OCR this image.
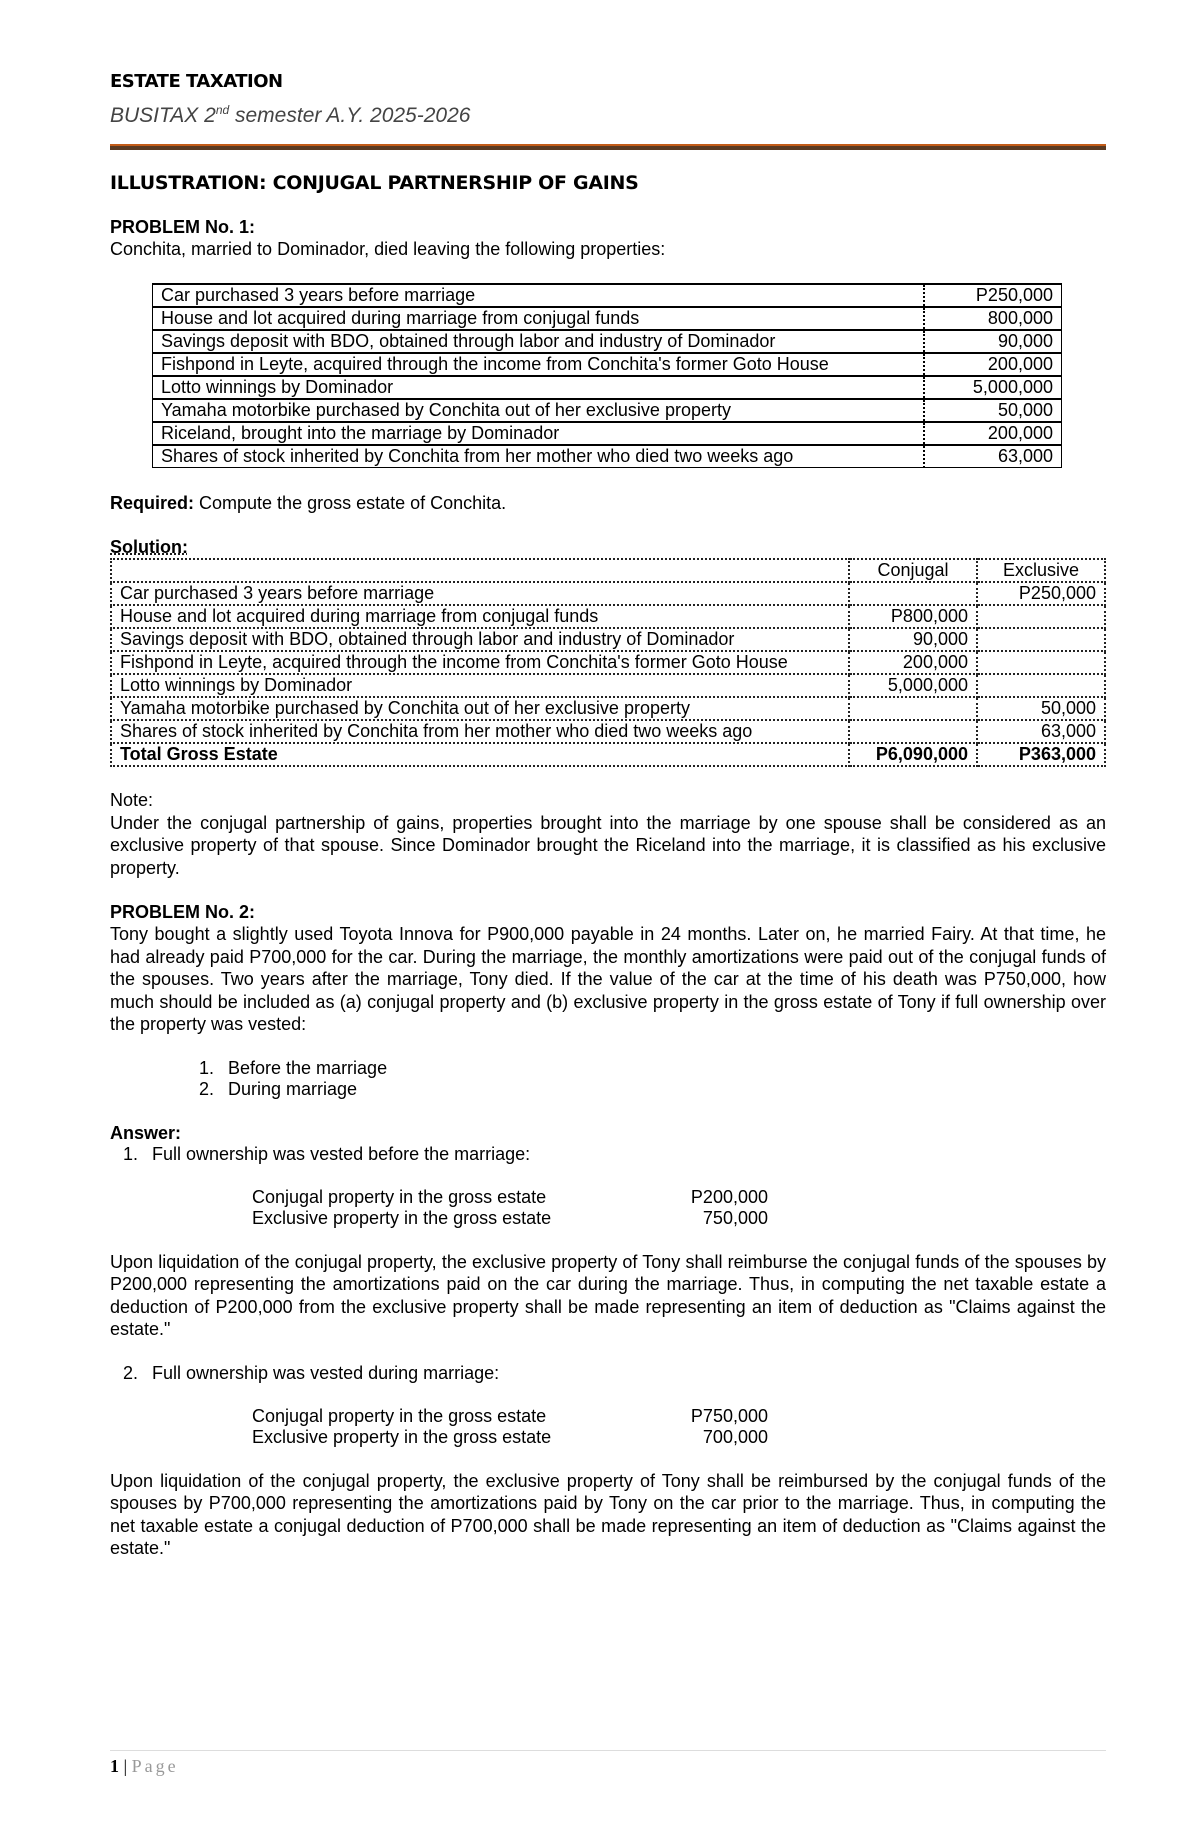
ESTATE TAXATION
BUSITAX 2nd semester A.Y. 2025-2026
ILLUSTRATION: CONJUGAL PARTNERSHIP OF GAINS
PROBLEM No. 1:

Conchita, married to Dominador, died leaving the following properties:

Car purchased 3 years before marriage	P250,000
House and lot acquired during marriage from conjugal funds	800,000
Savings deposit with BDO, obtained through labor and industry of Dominador	90,000
Fishpond in Leyte, acquired through the income from Conchita's former Goto House	200,000
Lotto winnings by Dominador	5,000,000
Yamaha motorbike purchased by Conchita out of her exclusive property	50,000
Riceland, brought into the marriage by Dominador	200,000
Shares of stock inherited by Conchita from her mother who died two weeks ago	63,000

Required: Compute the gross estate of Conchita.

Solution:
	Conjugal	Exclusive
Car purchased 3 years before marriage		P250,000
House and lot acquired during marriage from conjugal funds	P800,000	
Savings deposit with BDO, obtained through labor and industry of Dominador	90,000	
Fishpond in Leyte, acquired through the income from Conchita's former Goto House	200,000	
Lotto winnings by Dominador	5,000,000	
Yamaha motorbike purchased by Conchita out of her exclusive property		50,000
Shares of stock inherited by Conchita from her mother who died two weeks ago		63,000
Total Gross Estate	P6,090,000	P363,000

Note:

Under the conjugal partnership of gains, properties brought into the marriage by one spouse shall be considered as an exclusive property of that spouse. Since Dominador brought the Riceland into the marriage, it is classified as his exclusive property.

PROBLEM No. 2:

Tony bought a slightly used Toyota Innova for P900,000 payable in 24 months. Later on, he married Fairy. At that time, he had already paid P700,000 for the car. During the marriage, the monthly amortizations were paid out of the conjugal funds of the spouses. Two years after the marriage, Tony died. If the value of the car at the time of his death was P750,000, how much should be included as (a) conjugal property and (b) exclusive property in the gross estate of Tony if full ownership over the property was vested:

1. Before the marriage
2. During marriage
Answer:
1. Full ownership was vested before the marriage:
Conjugal property in the gross estate	P200,000
Exclusive property in the gross estate	750,000

Upon liquidation of the conjugal property, the exclusive property of Tony shall reimburse the conjugal funds of the spouses by P200,000 representing the amortizations paid on the car during the marriage. Thus, in computing the net taxable estate a deduction of P200,000 from the exclusive property shall be made representing an item of deduction as "Claims against the estate."

2. Full ownership was vested during marriage:
Conjugal property in the gross estate	P750,000
Exclusive property in the gross estate	700,000

Upon liquidation of the conjugal property, the exclusive property of Tony shall be reimbursed by the conjugal funds of the spouses by P700,000 representing the amortizations paid by Tony on the car prior to the marriage. Thus, in computing the net taxable estate a conjugal deduction of P700,000 shall be made representing an item of deduction as "Claims against the estate."

1 | Page
